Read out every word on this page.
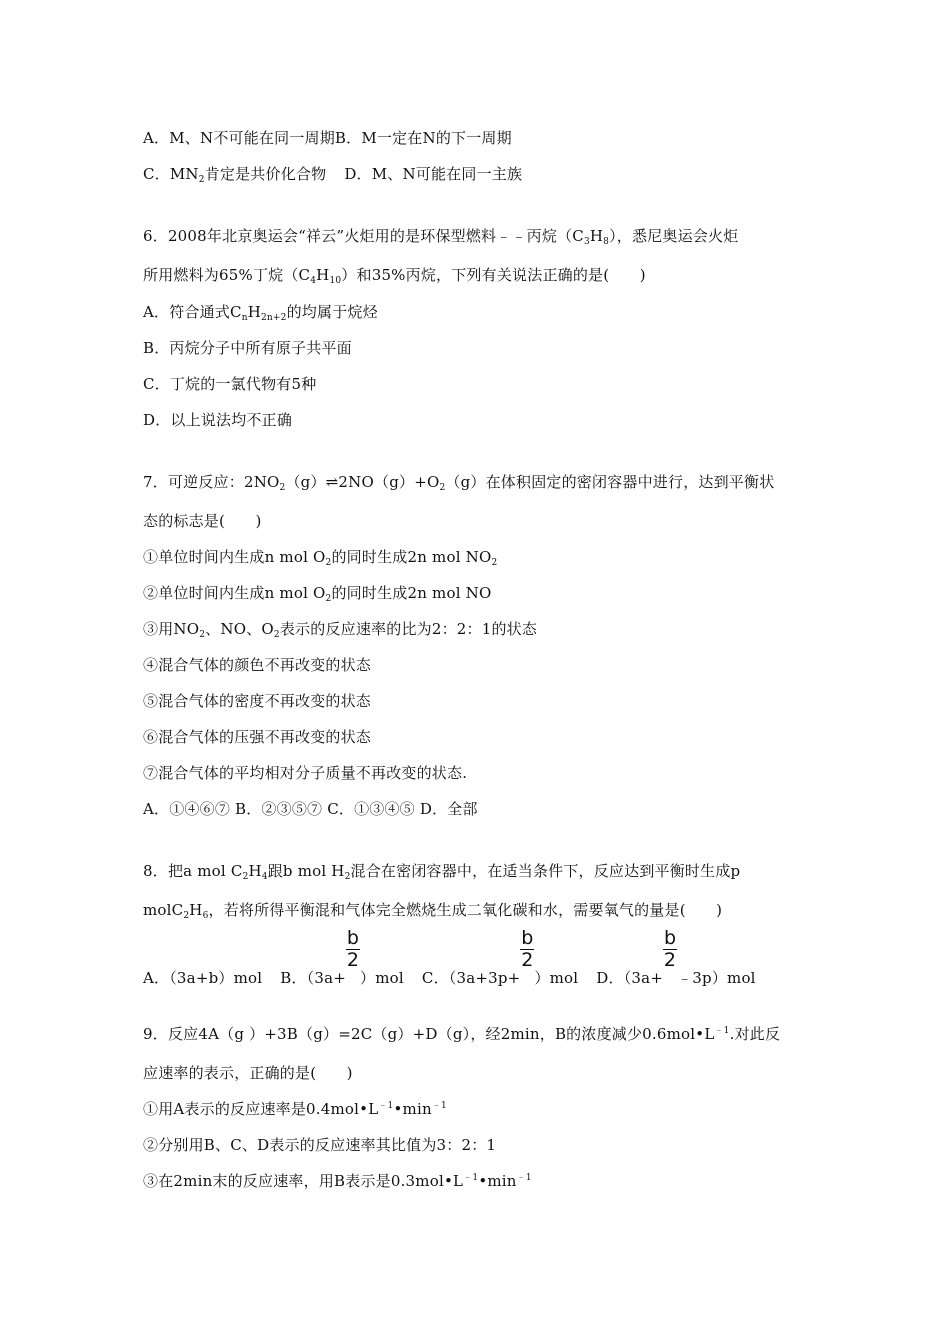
A．M、N不可能在同一周期B．M一定在N的下一周期
C．$MN_2$肯定是共价化合物 D．M、N可能在同一主族
6．2008年北京奥运会“祥云”火炬用的是环保型燃料﹣﹣丙烷$(C_3H_8)$，悉尼奥运会火炬
所用燃料为65%丁烷$(C_4H_{10})$和35%丙烷，下列有关说法正确的是(　　)
A．符合通式$C_nH_{2n+2}$的均属于烷烃
B．丙烷分子中所有原子共平面
C．丁烷的一氯代物有5种
D．以上说法均不正确
7．可逆反应：$2NO_2(g)\rightleftharpoons 2NO(g)+O_2(g)$在体积固定的密闭容器中进行，达到平衡状
态的标志是(　　)
①单位时间内生成n mol $O_2$的同时生成2n mol $NO_2$
②单位时间内生成n mol $O_2$的同时生成2n mol NO
③用$NO_2$、NO、$O_2$表示的反应速率的比为2：2：1的状态
④混合气体的颜色不再改变的状态
⑤混合气体的密度不再改变的状态
⑥混合气体的压强不再改变的状态
⑦混合气体的平均相对分子质量不再改变的状态.
A．①④⑥⑦ B．②③⑤⑦ C．①③④⑤ D．全部
8．把a mol $C_2H_4$跟b mol $H_2$混合在密闭容器中，在适当条件下，反应达到平衡时生成p
$molC_2H_6$，若将所得平衡混和气体完全燃烧生成二氧化碳和水，需要氧气的量是(　　)
A．（3a+b）mol B．$(3a+ \frac{b}{2} )mol$ C．$(3a+3p+ \frac{b}{2} )mol$ D．（$3a+ \frac{b}{2}$ ﹣3p）mol
9．反应4A（g ）+3B（g）=2C（g）+D（g），经2min，B的浓度减少$0.6mol•L^{﹣1}$.对此反
应速率的表示，正确的是(　　)
①用A表示的反应速率是$0.4mol•L^{﹣1}•\min^{﹣1}$
②分别用B、C、D表示的反应速率其比值为3：2：1
③在2min末的反应速率，用B表示是$0.3mol•L^{﹣1}•\min^{﹣1}$
